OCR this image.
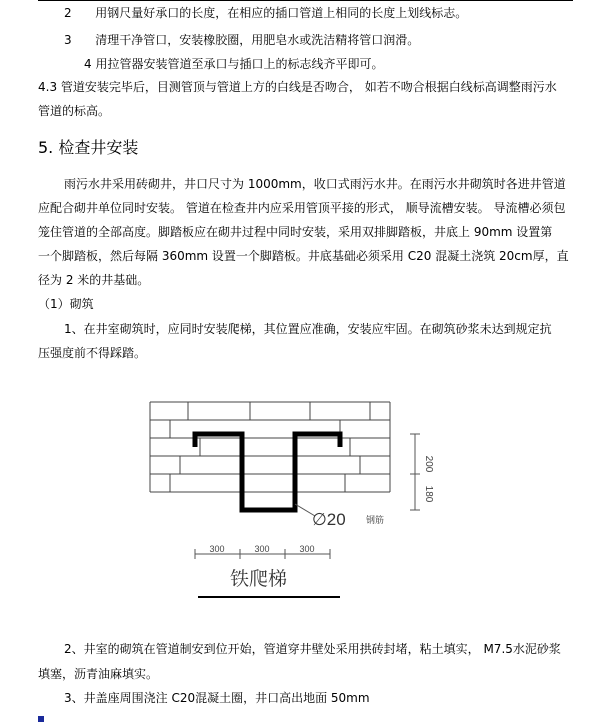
2 用钢尺量好承口的长度，在相应的插口管道上相同的长度上划线标志。
3 清理干净管口，安装橡胶圈，用肥皂水或洗洁精将管口润滑。
4 用拉管器安装管道至承口与插口上的标志线齐平即可。
4.3 管道安装完毕后，目测管顶与管道上方的白线是否吻合， 如若不吻合根据白线标高调整雨污水
管道的标高。
5. 检查井安装
雨污水井采用砖砌井，井口尺寸为 1000mm，收口式雨污水井。在雨污水井砌筑时各进井管道
应配合砌井单位同时安装。 管道在检查井内应采用管顶平接的形式， 顺导流槽安装。 导流槽必须包
笼住管道的全部高度。脚踏板应在砌井过程中同时安装，采用双排脚踏板，井底上 90mm 设置第
一个脚踏板，然后每隔 360mm 设置一个脚踏板。井底基础必须采用 C20 混凝土浇筑 20cm厚，直
径为 2 米的井基础。
（1）砌筑
1、在井室砌筑时，应同时安装爬梯，其位置应准确，安装应牢固。在砌筑砂浆未达到规定抗
压强度前不得踩踏。
200
180
∅20 钢筋
300	300	300
铁爬梯
2、井室的砌筑在管道制安到位开始，管道穿井壁处采用拱砖封堵，粘土填实， M7.5水泥砂浆
填塞，沥青油麻填实。
3、井盖座周围浇注 C20混凝土圈，井口高出地面 50mm
